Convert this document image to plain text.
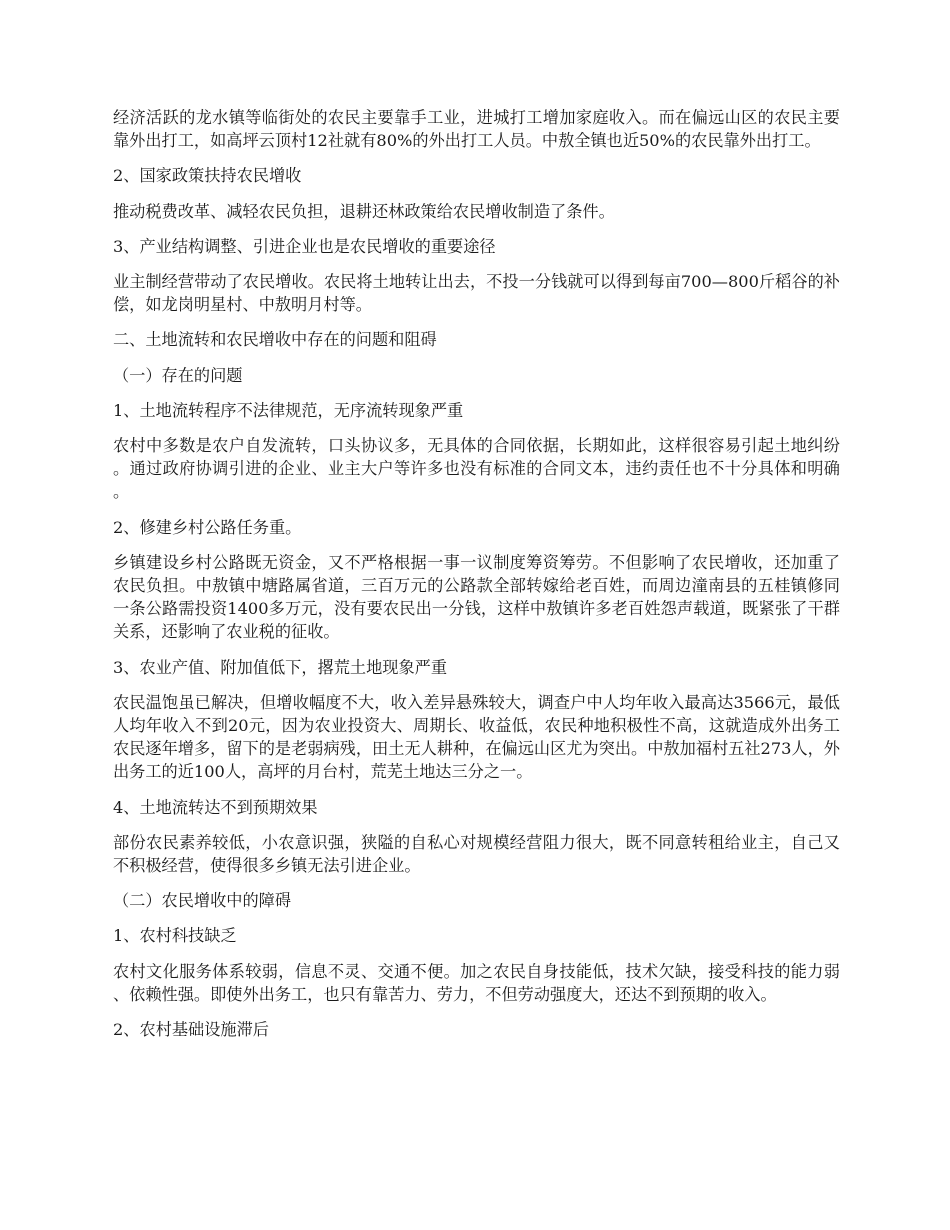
经济活跃的龙水镇等临街处的农民主要靠手工业，进城打工增加家庭收入。而在偏远山区的农民主要靠外出打工，如高坪云顶村12社就有80%的外出打工人员。中敖全镇也近50%的农民靠外出打工。

2、国家政策扶持农民增收

推动税费改革、减轻农民负担，退耕还林政策给农民增收制造了条件。

3、产业结构调整、引进企业也是农民增收的重要途径

业主制经营带动了农民增收。农民将土地转让出去，不投一分钱就可以得到每亩700—800斤稻谷的补偿，如龙岗明星村、中敖明月村等。

二、土地流转和农民增收中存在的问题和阻碍

（一）存在的问题

1、土地流转程序不法律规范，无序流转现象严重

农村中多数是农户自发流转，口头协议多，无具体的合同依据，长期如此，这样很容易引起土地纠纷。通过政府协调引进的企业、业主大户等许多也没有标准的合同文本，违约责任也不十分具体和明确。

2、修建乡村公路任务重。

乡镇建设乡村公路既无资金，又不严格根据一事一议制度筹资筹劳。不但影响了农民增收，还加重了农民负担。中敖镇中塘路属省道，三百万元的公路款全部转嫁给老百姓，而周边潼南县的五桂镇修同一条公路需投资1400多万元，没有要农民出一分钱，这样中敖镇许多老百姓怨声载道，既紧张了干群关系，还影响了农业税的征收。

3、农业产值、附加值低下，撂荒土地现象严重

农民温饱虽已解决，但增收幅度不大，收入差异悬殊较大，调查户中人均年收入最高达3566元，最低人均年收入不到20元，因为农业投资大、周期长、收益低，农民种地积极性不高，这就造成外出务工农民逐年增多，留下的是老弱病残，田土无人耕种，在偏远山区尤为突出。中敖加福村五社273人，外出务工的近100人，高坪的月台村，荒芜土地达三分之一。

4、土地流转达不到预期效果

部份农民素养较低，小农意识强，狭隘的自私心对规模经营阻力很大，既不同意转租给业主，自己又不积极经营，使得很多乡镇无法引进企业。

（二）农民增收中的障碍

1、农村科技缺乏

农村文化服务体系较弱，信息不灵、交通不便。加之农民自身技能低，技术欠缺，接受科技的能力弱、依赖性强。即使外出务工，也只有靠苦力、劳力，不但劳动强度大，还达不到预期的收入。

2、农村基础设施滞后
